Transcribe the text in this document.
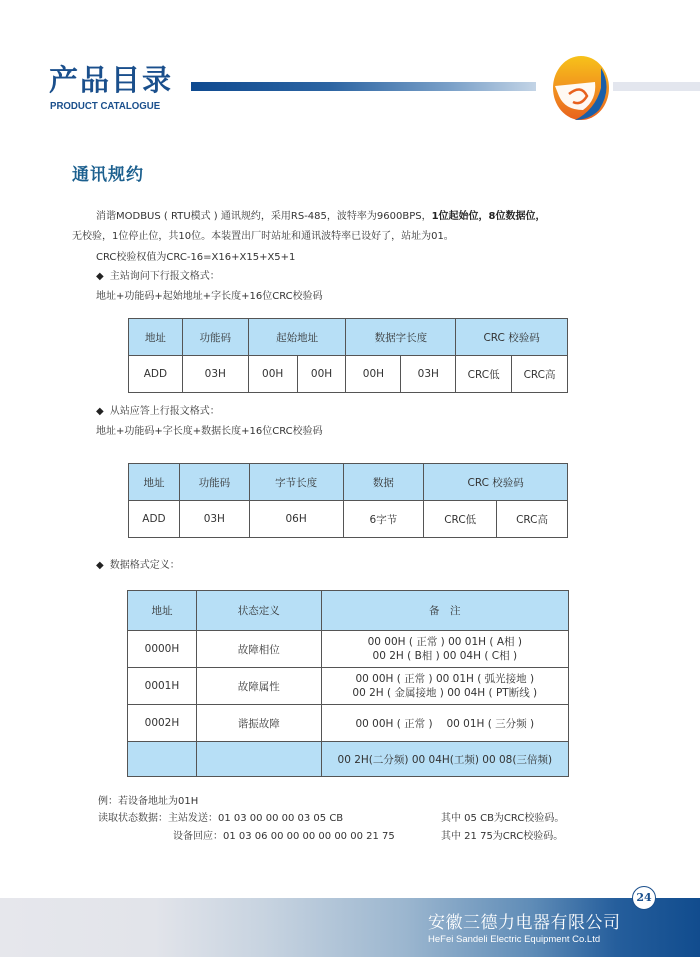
产品目录
PRODUCT CATALOGUE
通讯规约
消谐MODBUS ( RTU模式 ) 通讯规约，采用RS-485，波特率为9600BPS，1位起始位，8位数据位，
无校验，1位停止位，共10位。本装置出厂时站址和通讯波特率已设好了，站址为01。
CRC校验权值为CRC-16=X16+X15+X5+1
◆ 主站询问下行报文格式：
地址+功能码+起始地址+字长度+16位CRC校验码
地址	功能码	起始地址		数据字长度		CRC 校验码	
ADD	03H	00H	00H	00H	03H	CRC低	CRC高
◆ 从站应答上行报文格式：
地址+功能码+字长度+数据长度+16位CRC校验码
地址	功能码	字节长度	数据	CRC 校验码	
ADD	03H	06H	6字节	CRC低	CRC高
◆ 数据格式定义：
地址	状态定义	备　注
0000H	故障相位	00 00H ( 正常 ) 00 01H ( A相 )
00 2H ( B相 ) 00 04H ( C相 )

0001H	故障属性	00 00H ( 正常 ) 00 01H ( 弧光接地 )
00 2H ( 金属接地 ) 00 04H ( PT断线 )

0002H	谐振故障	00 00H ( 正常 )　 00 01H ( 三分频 )
		00 2H(二分频) 00 04H(工频) 00 08(三倍频)
例：若设备地址为01H
读取状态数据：主站发送：01 03 00 00 00 03 05 CB	其中 05 CB为CRC校验码。
设备回应：01 03 06 00 00 00 00 00 00 21 75	其中 21 75为CRC校验码。
24
安徽三德力电器有限公司
HeFei Sandeli Electric Equipment Co.Ltd
